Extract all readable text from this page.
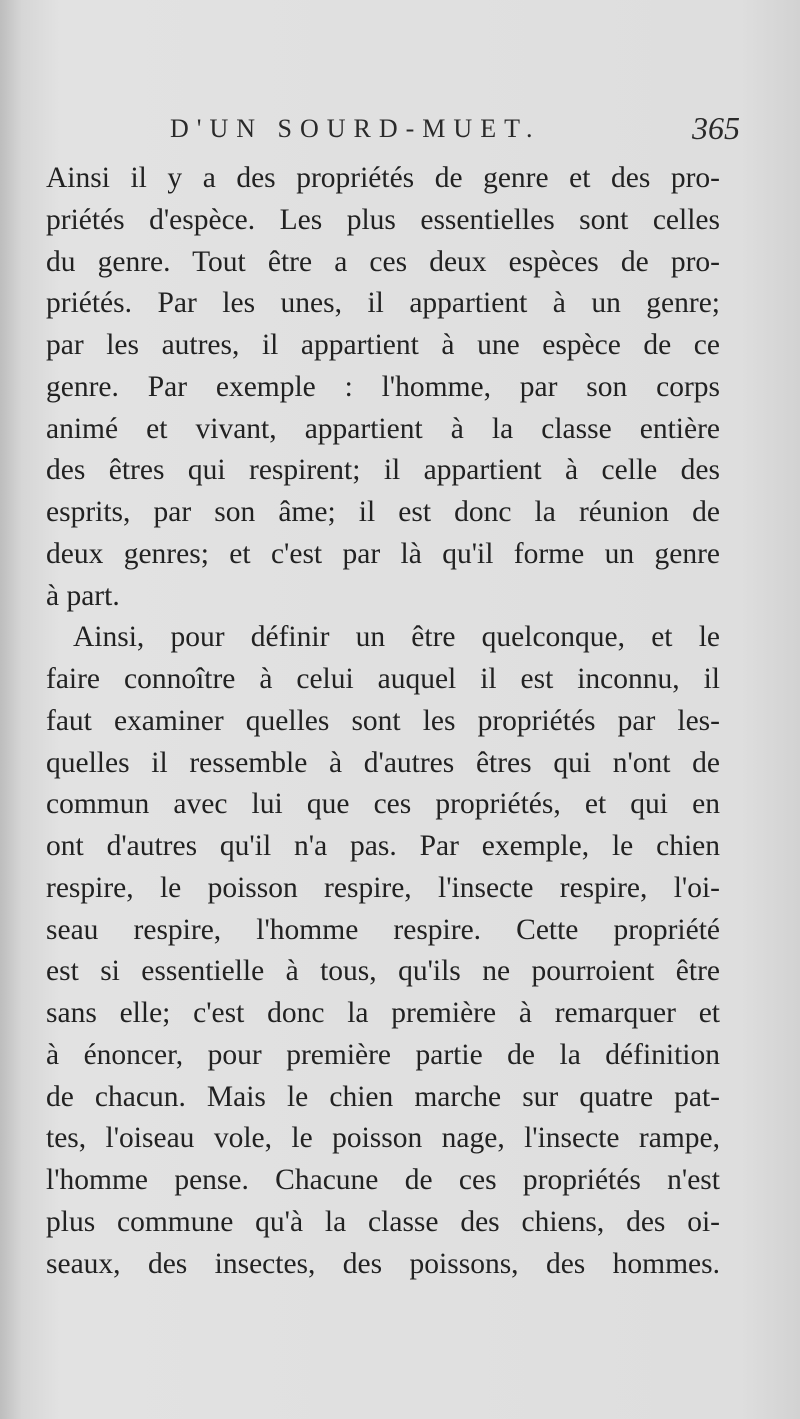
D'UN SOURD-MUET.	365
Ainsi il y a des propriétés de genre et des pro-
priétés d'espèce. Les plus essentielles sont celles
du genre. Tout être a ces deux espèces de pro-
priétés. Par les unes, il appartient à un genre;
par les autres, il appartient à une espèce de ce
genre. Par exemple : l'homme, par son corps
animé et vivant, appartient à la classe entière
des êtres qui respirent; il appartient à celle des
esprits, par son âme; il est donc la réunion de
deux genres; et c'est par là qu'il forme un genre
à part.
Ainsi, pour définir un être quelconque, et le
faire connoître à celui auquel il est inconnu, il
faut examiner quelles sont les propriétés par les-
quelles il ressemble à d'autres êtres qui n'ont de
commun avec lui que ces propriétés, et qui en
ont d'autres qu'il n'a pas. Par exemple, le chien
respire, le poisson respire, l'insecte respire, l'oi-
seau respire, l'homme respire. Cette propriété
est si essentielle à tous, qu'ils ne pourroient être
sans elle; c'est donc la première à remarquer et
à énoncer, pour première partie de la définition
de chacun. Mais le chien marche sur quatre pat-
tes, l'oiseau vole, le poisson nage, l'insecte rampe,
l'homme pense. Chacune de ces propriétés n'est
plus commune qu'à la classe des chiens, des oi-
seaux, des insectes, des poissons, des hommes.
